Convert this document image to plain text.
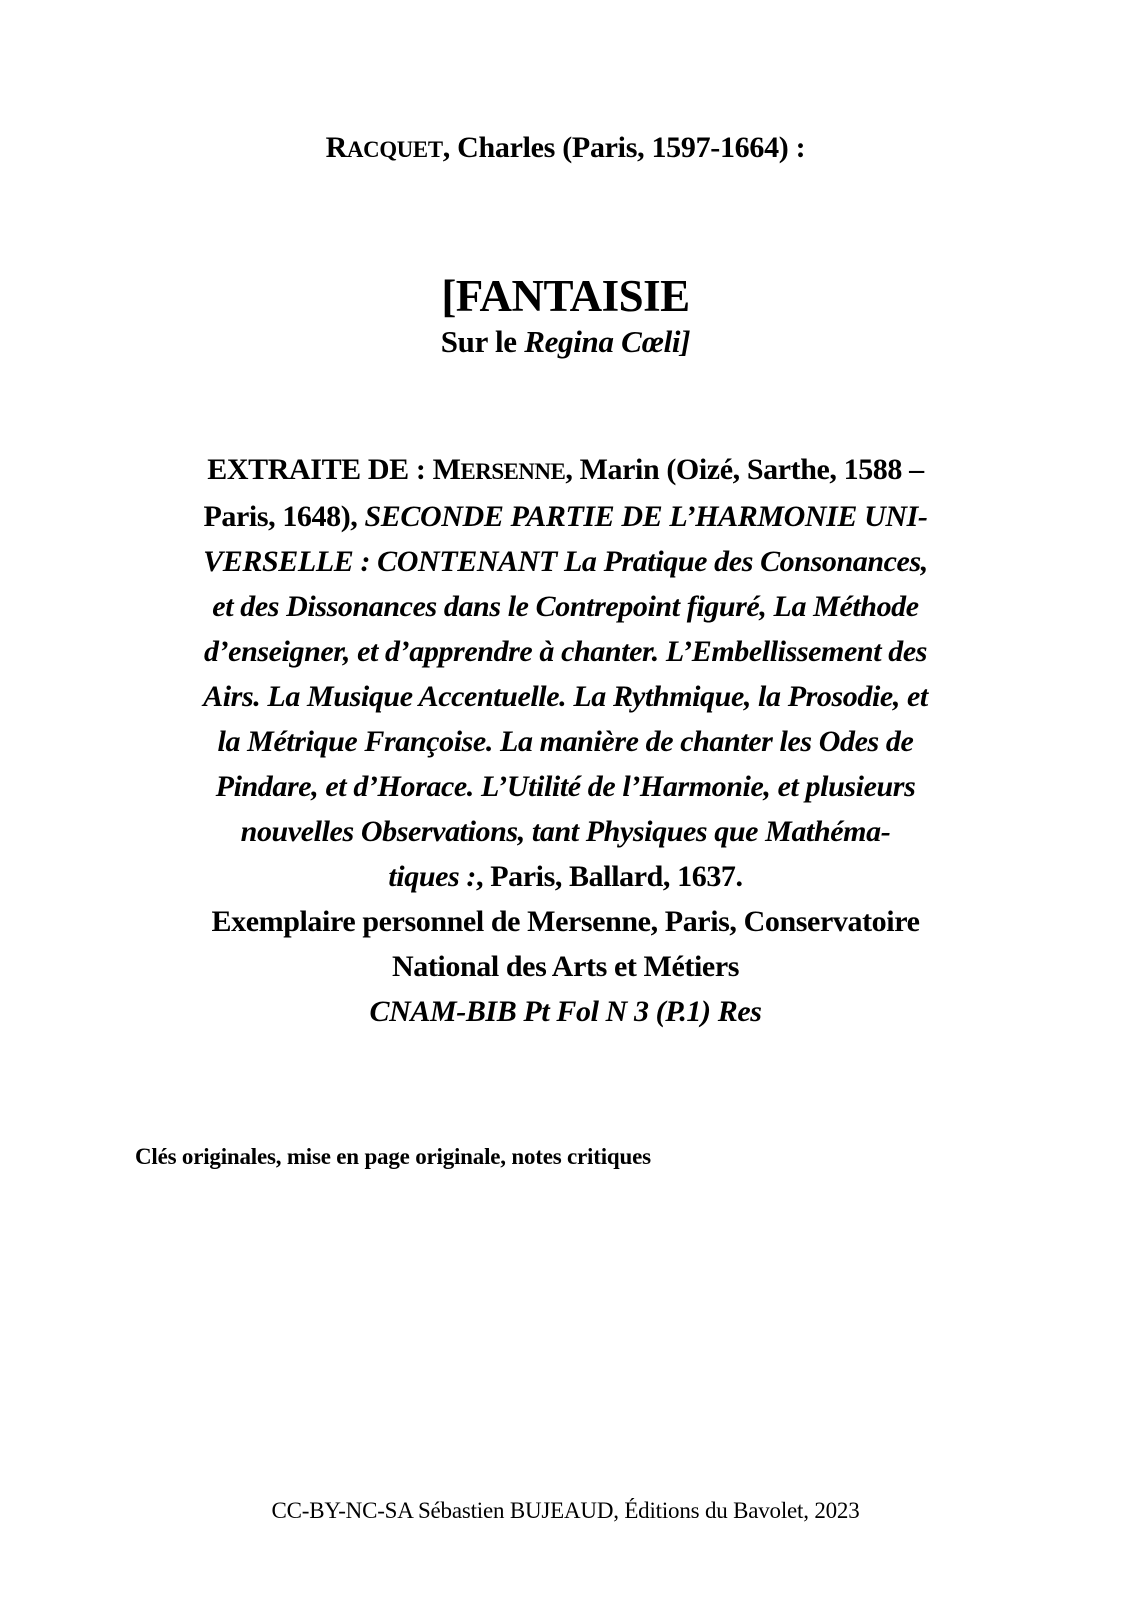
RACQUET, Charles (Paris, 1597-1664) :
[FANTAISIE
Sur le Regina Cœli]
EXTRAITE DE : MERSENNE, Marin (Oizé, Sarthe, 1588 –
Paris, 1648), SECONDE PARTIE DE L’HARMONIE UNI-
VERSELLE : CONTENANT La Pratique des Consonances,
et des Dissonances dans le Contrepoint figuré, La Méthode
d’enseigner, et d’apprendre à chanter. L’Embellissement des
Airs. La Musique Accentuelle. La Rythmique, la Prosodie, et
la Métrique Françoise. La manière de chanter les Odes de
Pindare, et d’Horace. L’Utilité de l’Harmonie, et plusieurs
nouvelles Observations, tant Physiques que Mathéma-
tiques :, Paris, Ballard, 1637.
Exemplaire personnel de Mersenne, Paris, Conservatoire
National des Arts et Métiers
CNAM-BIB Pt Fol N 3 (P.1) Res
Clés originales, mise en page originale, notes critiques
CC-BY-NC-SA Sébastien BUJEAUD, Éditions du Bavolet, 2023
